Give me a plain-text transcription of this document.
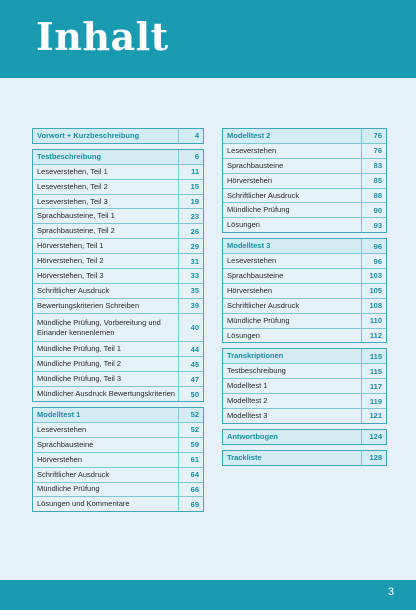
Inhalt
Vorwort + Kurzbeschreibung	4
Testbeschreibung	6
Leseverstehen, Teil 1	11
Leseverstehen, Teil 2	15
Leseverstehen, Teil 3	19
Sprachbausteine, Teil 1	23
Sprachbausteine, Teil 2	26
Hörverstehen, Teil 1	29
Hörverstehen, Teil 2	31
Hörverstehen, Teil 3	33
Schriftlicher Ausdruck	35
Bewertungskriterien Schreiben	39
Mündliche Prüfung, Vorbereitung und Einander kennenlernen	40
Mündliche Prüfung, Teil 1	44
Mündliche Prüfung, Teil 2	45
Mündliche Prüfung, Teil 3	47
Mündlicher Ausdruck Bewertungskriterien	50
Modelltest 1	52
Leseverstehen	52
Sprachbausteine	59
Hörverstehen	61
Schriftlicher Ausdruck	64
Mündliche Prüfung	66
Lösungen und Kommentare	69
Modelltest 2	76
Leseverstehen	76
Sprachbausteine	83
Hörverstehen	85
Schriftlicher Ausdruck	88
Mündliche Prüfung	90
Lösungen	93
Modelltest 3	96
Leseverstehen	96
Sprachbausteine	103
Hörverstehen	105
Schriftlicher Ausdruck	108
Mündliche Prüfung	110
Lösungen	112
Transkriptionen	115
Testbeschreibung	115
Modelltest 1	117
Modelltest 2	119
Modelltest 3	121
Antwortbogen	124
Trackliste	128
3
